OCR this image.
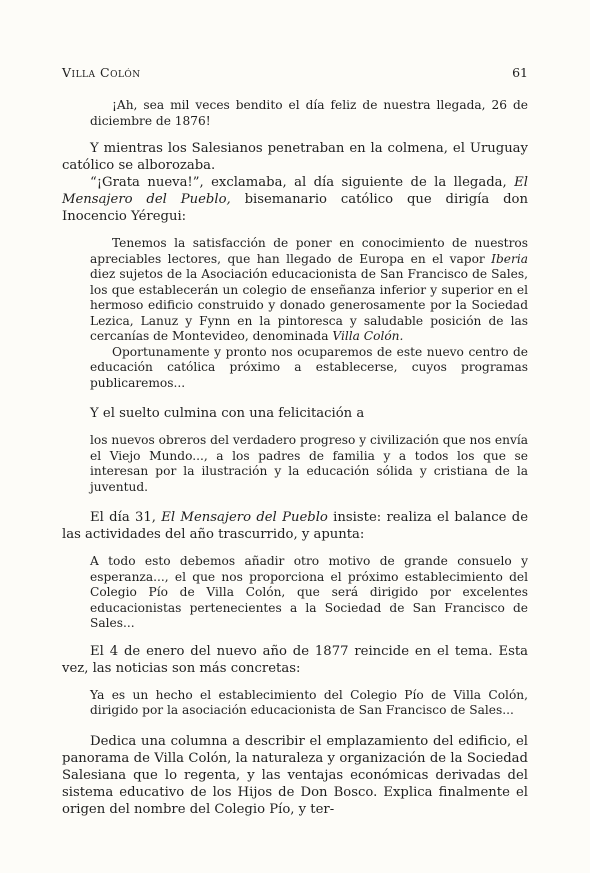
Villa Colón	61

¡Ah, sea mil veces bendito el día feliz de nuestra llegada, 26 de diciembre de 1876!

Y mientras los Salesianos penetraban en la colmena, el Uruguay católico se alborozaba.

“¡Grata nueva!”, exclamaba, al día siguiente de la llegada, El Mensajero del Pueblo, bisemanario católico que dirigía don Inocencio Yéregui:

Tenemos la satisfacción de poner en conocimiento de nuestros apreciables lectores, que han llegado de Europa en el vapor Iberia diez sujetos de la Asociación educacionista de San Francisco de Sales, los que establecerán un colegio de enseñanza inferior y superior en el hermoso edificio construido y donado generosamente por la Sociedad Lezica, Lanuz y Fynn en la pintoresca y saludable posición de las cercanías de Montevideo, denominada Villa Colón.

Oportunamente y pronto nos ocuparemos de este nuevo centro de educación católica próximo a establecerse, cuyos programas publicaremos...

Y el suelto culmina con una felicitación a

los nuevos obreros del verdadero progreso y civilización que nos envía el Viejo Mundo..., a los padres de familia y a todos los que se interesan por la ilustración y la educación sólida y cristiana de la juventud.

El día 31, El Mensajero del Pueblo insiste: realiza el balance de las actividades del año trascurrido, y apunta:

A todo esto debemos añadir otro motivo de grande consuelo y esperanza..., el que nos proporciona el próximo establecimiento del Colegio Pío de Villa Colón, que será dirigido por excelentes educacionistas pertenecientes a la Sociedad de San Francisco de Sales...

El 4 de enero del nuevo año de 1877 reincide en el tema. Esta vez, las noticias son más concretas:

Ya es un hecho el establecimiento del Colegio Pío de Villa Colón, dirigido por la asociación educacionista de San Francisco de Sales...

Dedica una columna a describir el emplazamiento del edificio, el panorama de Villa Colón, la naturaleza y organización de la Sociedad Salesiana que lo regenta, y las ventajas económicas derivadas del sistema educativo de los Hijos de Don Bosco. Explica finalmente el origen del nombre del Colegio Pío, y ter-
